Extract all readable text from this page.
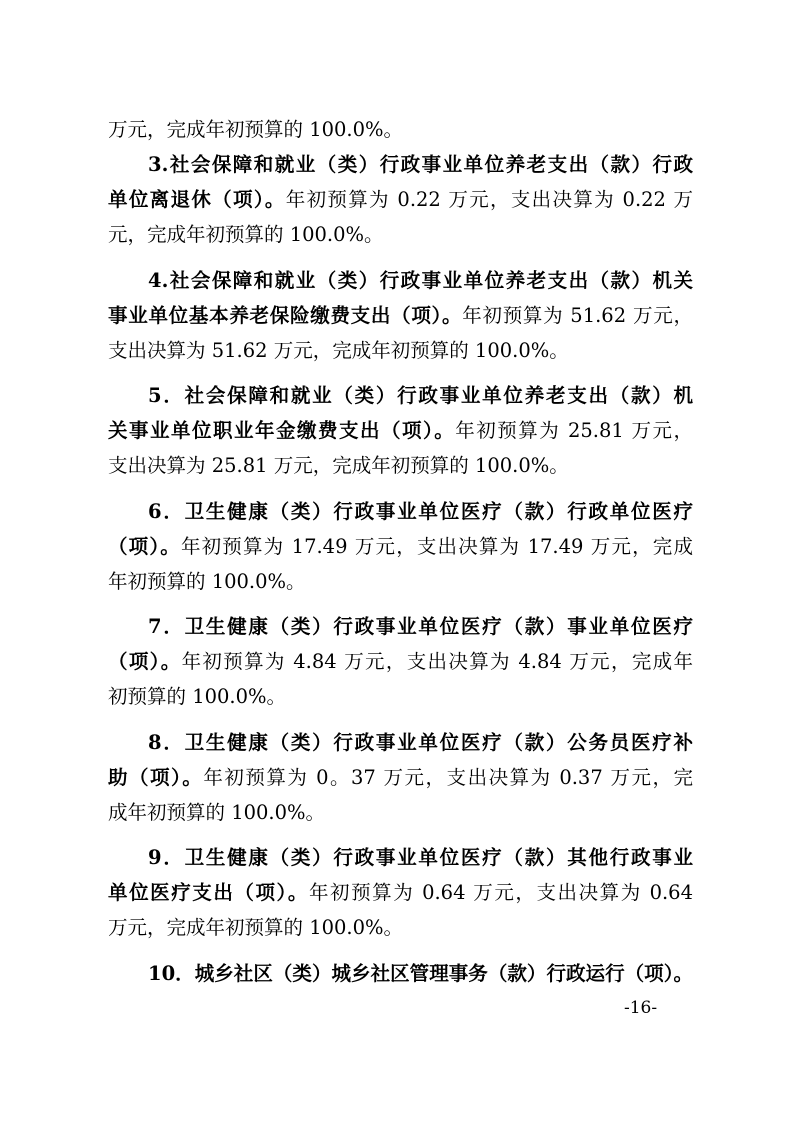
万元，完成年初预算的 100.0%。
3.社会保障和就业（类）行政事业单位养老支出（款）行政
单位离退休（项）。年初预算为 0.22 万元，支出决算为 0.22 万
元，完成年初预算的 100.0%。
4.社会保障和就业（类）行政事业单位养老支出（款）机关
事业单位基本养老保险缴费支出（项）。年初预算为 51.62 万元，
支出决算为 51.62 万元，完成年初预算的 100.0%。
5．社会保障和就业（类）行政事业单位养老支出（款）机
关事业单位职业年金缴费支出（项）。年初预算为 25.81 万元，
支出决算为 25.81 万元，完成年初预算的 100.0%。
6．卫生健康（类）行政事业单位医疗（款）行政单位医疗
（项）。年初预算为 17.49 万元，支出决算为 17.49 万元，完成
年初预算的 100.0%。
7．卫生健康（类）行政事业单位医疗（款）事业单位医疗
（项）。年初预算为 4.84 万元，支出决算为 4.84 万元，完成年
初预算的 100.0%。
8．卫生健康（类）行政事业单位医疗（款）公务员医疗补
助（项）。年初预算为 0。37 万元，支出决算为 0.37 万元，完
成年初预算的 100.0%。
9．卫生健康（类）行政事业单位医疗（款）其他行政事业
单位医疗支出（项）。年初预算为 0.64 万元，支出决算为 0.64
万元，完成年初预算的 100.0%。
10．城乡社区（类）城乡社区管理事务（款）行政运行（项）。
-16-
